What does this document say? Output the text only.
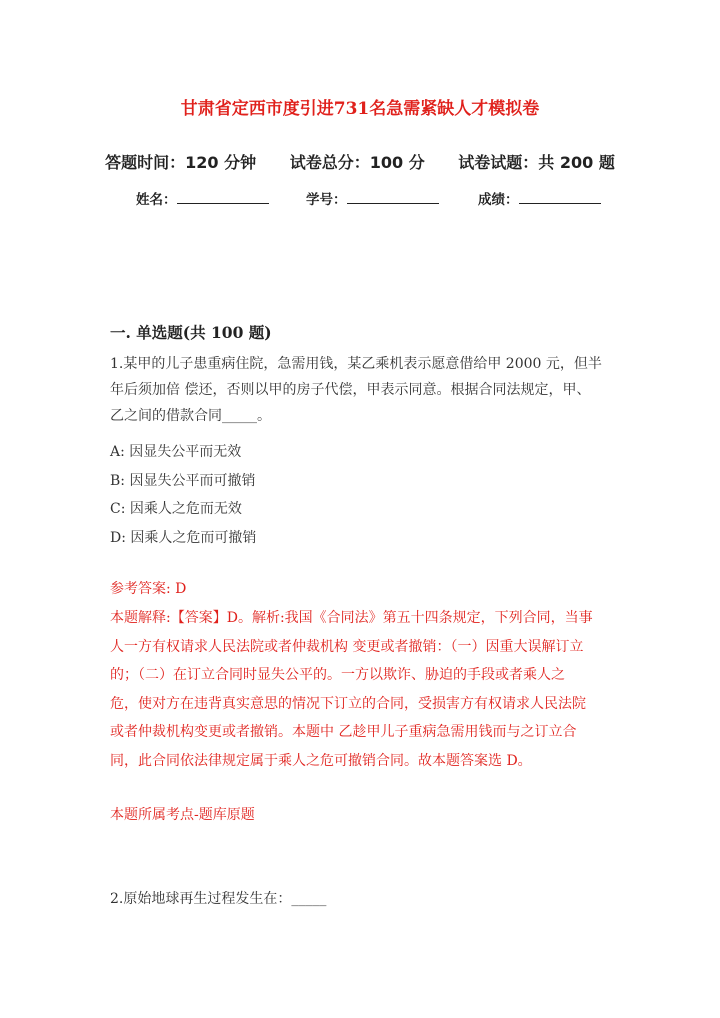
甘肃省定西市度引进731名急需紧缺人才模拟卷
答题时间：120 分钟 试卷总分：100 分 试卷试题：共 200 题
姓名：	学号：	成绩：
一. 单选题(共 100 题)

1.某甲的儿子患重病住院，急需用钱，某乙乘机表示愿意借给甲 2000 元，但半

年后须加倍 偿还，否则以甲的房子代偿，甲表示同意。根据合同法规定，甲、

乙之间的借款合同_____。

A: 因显失公平而无效
B: 因显失公平而可撤销
C: 因乘人之危而无效
D: 因乘人之危而可撤销
参考答案: D

本题解释:【答案】D。解析:我国《合同法》第五十四条规定，下列合同，当事

人一方有权请求人民法院或者仲裁机构 变更或者撤销：（一）因重大误解订立

的；（二）在订立合同时显失公平的。一方以欺诈、胁迫的手段或者乘人之

危，使对方在违背真实意思的情况下订立的合同，受损害方有权请求人民法院

或者仲裁机构变更或者撤销。本题中 乙趁甲儿子重病急需用钱而与之订立合

同，此合同依法律规定属于乘人之危可撤销合同。故本题答案选 D。

本题所属考点-题库原题
2.原始地球再生过程发生在：_____
